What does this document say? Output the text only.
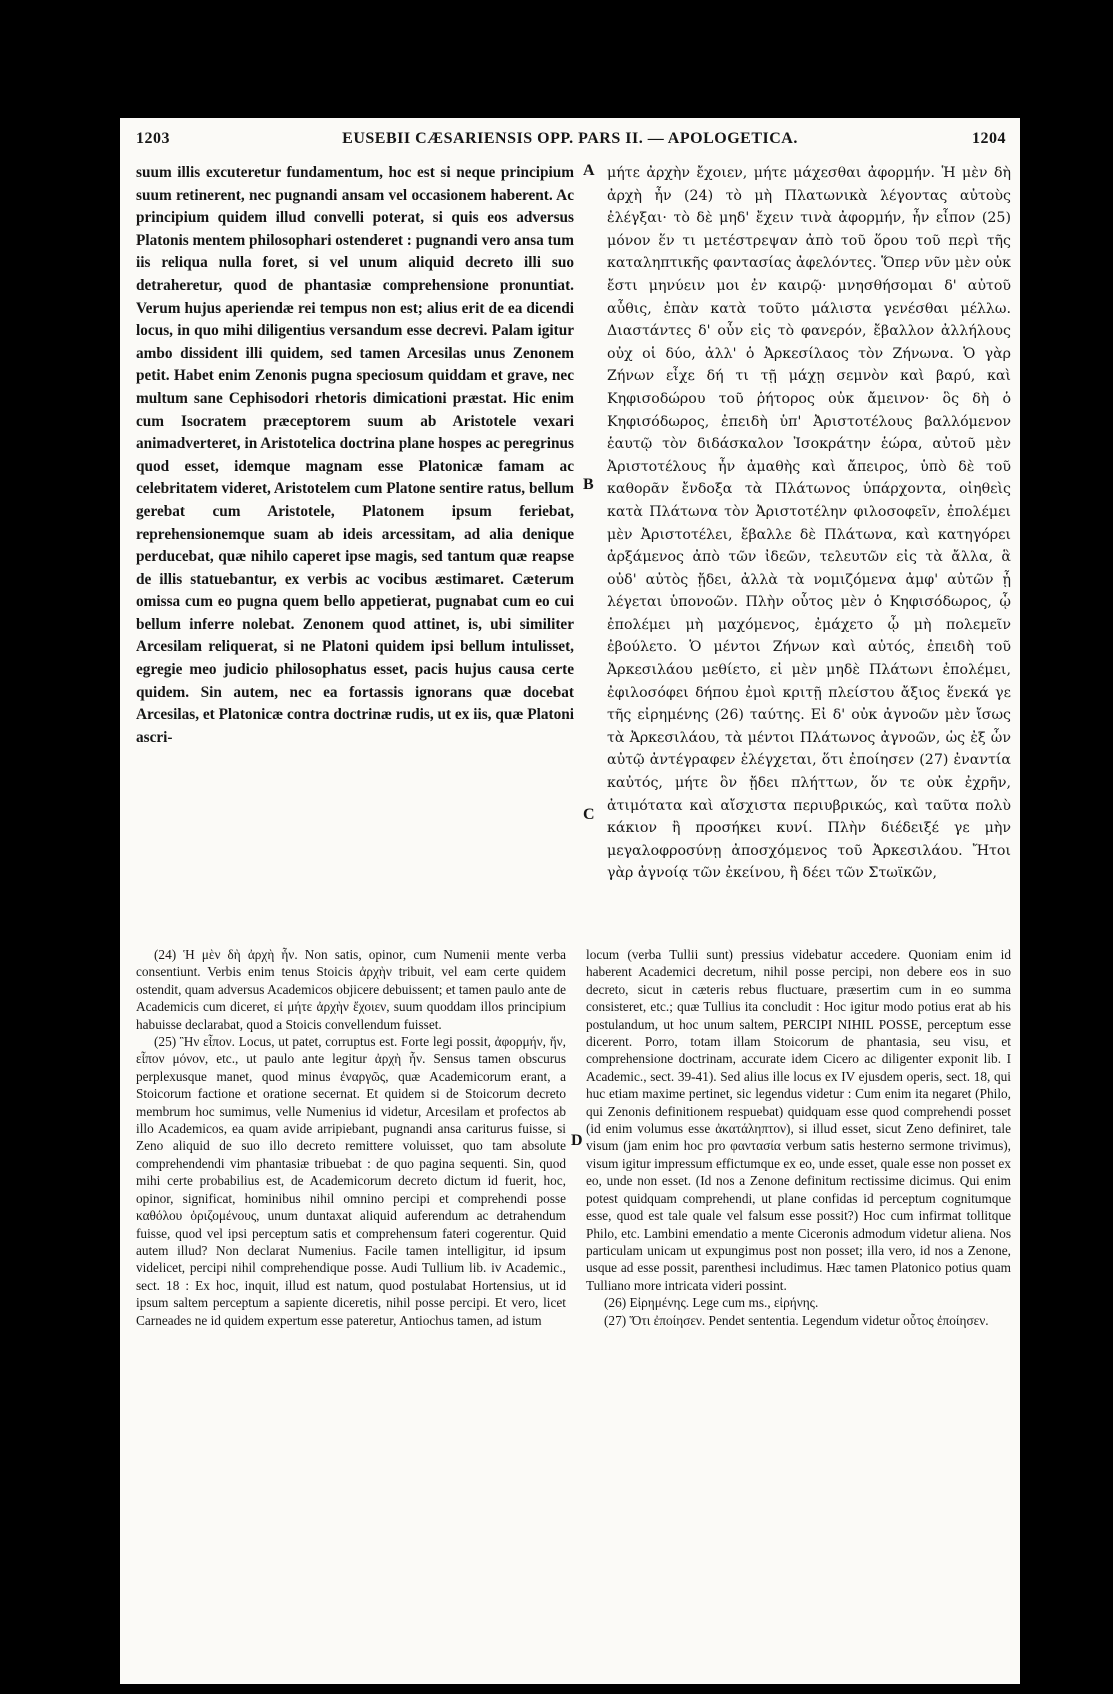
1203	EUSEBII CÆSARIENSIS OPP. PARS II. — APOLOGETICA.	1204
suum illis excuteretur fundamentum, hoc est si neque principium suum retinerent, nec pugnandi ansam vel occasionem haberent. Ac principium quidem illud convelli poterat, si quis eos adversus Platonis mentem philosophari ostenderet : pugnandi vero ansa tum iis reliqua nulla foret, si vel unum aliquid decreto illi suo detraheretur, quod de phantasiæ comprehensione pronuntiat. Verum hujus aperiendæ rei tempus non est; alius erit de ea dicendi locus, in quo mihi diligentius versandum esse decrevi. Palam igitur ambo dissident illi quidem, sed tamen Arcesilas unus Zenonem petit. Habet enim Zenonis pugna speciosum quiddam et grave, nec multum sane Cephisodori rhetoris dimicationi præstat. Hic enim cum Isocratem præceptorem suum ab Aristotele vexari animadverteret, in Aristotelica doctrina plane hospes ac peregrinus quod esset, idemque magnam esse Platonicæ famam ac celebritatem videret, Aristotelem cum Platone sentire ratus, bellum gerebat cum Aristotele, Platonem ipsum feriebat, reprehensionemque suam ab ideis arcessitam, ad alia denique perducebat, quæ nihilo caperet ipse magis, sed tantum quæ reapse de illis statuebantur, ex verbis ac vocibus æstimaret. Cæterum omissa cum eo pugna quem bello appetierat, pugnabat cum eo cui bellum inferre nolebat. Zenonem quod attinet, is, ubi similiter Arcesilam reliquerat, si ne Platoni quidem ipsi bellum intulisset, egregie meo judicio philosophatus esset, pacis hujus causa certe quidem. Sin autem, nec ea fortassis ignorans quæ docebat Arcesilas, et Platonicæ contra doctrinæ rudis, ut ex iis, quæ Platoni ascri-
A
B
C
D
μήτε ἀρχὴν ἔχοιεν, μήτε μάχεσθαι ἀφορμήν. Ἡ μὲν δὴ ἀρχὴ ἦν (24) τὸ μὴ Πλατωνικὰ λέγοντας αὐτοὺς ἐλέγξαι· τὸ δὲ μηδ' ἔχειν τινὰ ἀφορμήν, ἦν εἶπον (25) μόνον ἕν τι μετέστρεψαν ἀπὸ τοῦ ὅρου τοῦ περὶ τῆς καταληπτικῆς φαντασίας ἀφελόντες. Ὅπερ νῦν μὲν οὐκ ἔστι μηνύειν μοι ἐν καιρῷ· μνησθήσομαι δ' αὐτοῦ αὖθις, ἐπὰν κατὰ τοῦτο μάλιστα γενέσθαι μέλλω. Διαστάντες δ' οὖν εἰς τὸ φανερόν, ἔβαλλον ἀλλήλους οὐχ οἱ δύο, ἀλλ' ὁ Ἀρκεσίλαος τὸν Ζήνωνα. Ὁ γὰρ Ζήνων εἶχε δή τι τῇ μάχῃ σεμνὸν καὶ βαρύ, καὶ Κηφισοδώρου τοῦ ῥήτορος οὐκ ἄμεινον· ὃς δὴ ὁ Κηφισόδωρος, ἐπειδὴ ὑπ' Ἀριστοτέλους βαλλόμενον ἑαυτῷ τὸν διδάσκαλον Ἰσοκράτην ἑώρα, αὐτοῦ μὲν Ἀριστοτέλους ἦν ἀμαθὴς καὶ ἄπειρος, ὑπὸ δὲ τοῦ καθορᾶν ἔνδοξα τὰ Πλάτωνος ὑπάρχοντα, οἰηθεὶς κατὰ Πλάτωνα τὸν Ἀριστοτέλην φιλοσοφεῖν, ἐπολέμει μὲν Ἀριστοτέλει, ἔβαλλε δὲ Πλάτωνα, καὶ κατηγόρει ἀρξάμενος ἀπὸ τῶν ἰδεῶν, τελευτῶν εἰς τὰ ἄλλα, ἃ οὐδ' αὐτὸς ᾔδει, ἀλλὰ τὰ νομιζόμενα ἀμφ' αὐτῶν ᾗ λέγεται ὑπονοῶν. Πλὴν οὗτος μὲν ὁ Κηφισόδωρος, ᾧ ἐπολέμει μὴ μαχόμενος, ἐμάχετο ᾧ μὴ πολεμεῖν ἐβούλετο. Ὁ μέντοι Ζήνων καὶ αὐτός, ἐπειδὴ τοῦ Ἀρκεσιλάου μεθίετο, εἰ μὲν μηδὲ Πλάτωνι ἐπολέμει, ἐφιλοσόφει δήπου ἐμοὶ κριτῇ πλείστου ἄξιος ἕνεκά γε τῆς εἰρημένης (26) ταύτης. Εἰ δ' οὐκ ἀγνοῶν μὲν ἴσως τὰ Ἀρκεσιλάου, τὰ μέντοι Πλάτωνος ἀγνοῶν, ὡς ἐξ ὧν αὐτῷ ἀντέγραφεν ἐλέγχεται, ὅτι ἐποίησεν (27) ἐναντία καὐτός, μήτε ὃν ᾔδει πλήττων, ὅν τε οὐκ ἐχρῆν, ἀτιμότατα καὶ αἴσχιστα περιυβρικώς, καὶ ταῦτα πολὺ κάκιον ἢ προσήκει κυνί. Πλὴν διέδειξέ γε μὴν μεγαλοφροσύνῃ ἀποσχόμενος τοῦ Ἀρκεσιλάου. Ἤτοι γὰρ ἀγνοίᾳ τῶν ἐκείνου, ἢ δέει τῶν Στωϊκῶν,

(24) Ἡ μὲν δὴ ἀρχὴ ἦν. Non satis, opinor, cum Numenii mente verba consentiunt. Verbis enim tenus Stoicis ἀρχὴν tribuit, vel eam certe quidem ostendit, quam adversus Academicos objicere debuissent; et tamen paulo ante de Academicis cum diceret, εἰ μήτε ἀρχὴν ἔχοιεν, suum quoddam illos principium habuisse declarabat, quod a Stoicis convellendum fuisset.

(25) Ἣν εἶπον. Locus, ut patet, corruptus est. Forte legi possit, ἀφορμήν, ἥν, εἶπον μόνον, etc., ut paulo ante legitur ἀρχὴ ἦν. Sensus tamen obscurus perplexusque manet, quod minus ἐναργῶς, quæ Academicorum erant, a Stoicorum factione et oratione secernat. Et quidem si de Stoicorum decreto membrum hoc sumimus, velle Numenius id videtur, Arcesilam et profectos ab illo Academicos, ea quam avide arripiebant, pugnandi ansa cariturus fuisse, si Zeno aliquid de suo illo decreto remittere voluisset, quo tam absolute comprehendendi vim phantasiæ tribuebat : de quo pagina sequenti. Sin, quod mihi certe probabilius est, de Academicorum decreto dictum id fuerit, hoc, opinor, significat, hominibus nihil omnino percipi et comprehendi posse καθόλου ὁριζομένους, unum duntaxat aliquid auferendum ac detrahendum fuisse, quod vel ipsi perceptum satis et comprehensum fateri cogerentur. Quid autem illud? Non declarat Numenius. Facile tamen intelligitur, id ipsum videlicet, percipi nihil comprehendique posse. Audi Tullium lib. iv Academic., sect. 18 : Ex hoc, inquit, illud est natum, quod postulabat Hortensius, ut id ipsum saltem perceptum a sapiente diceretis, nihil posse percipi. Et vero, licet Carneades ne id quidem expertum esse pateretur, Antiochus tamen, ad istum

locum (verba Tullii sunt) pressius videbatur accedere. Quoniam enim id haberent Academici decretum, nihil posse percipi, non debere eos in suo decreto, sicut in cæteris rebus fluctuare, præsertim cum in eo summa consisteret, etc.; quæ Tullius ita concludit : Hoc igitur modo potius erat ab his postulandum, ut hoc unum saltem, PERCIPI NIHIL POSSE, perceptum esse dicerent. Porro, totam illam Stoicorum de phantasia, seu visu, et comprehensione doctrinam, accurate idem Cicero ac diligenter exponit lib. I Academic., sect. 39-41). Sed alius ille locus ex IV ejusdem operis, sect. 18, qui huc etiam maxime pertinet, sic legendus videtur : Cum enim ita negaret (Philo, qui Zenonis definitionem respuebat) quidquam esse quod comprehendi posset (id enim volumus esse ἀκατάληπτον), si illud esset, sicut Zeno definiret, tale visum (jam enim hoc pro φαντασία verbum satis hesterno sermone trivimus), visum igitur impressum effictumque ex eo, unde esset, quale esse non posset ex eo, unde non esset. (Id nos a Zenone definitum rectissime dicimus. Qui enim potest quidquam comprehendi, ut plane confidas id perceptum cognitumque esse, quod est tale quale vel falsum esse possit?) Hoc cum infirmat tollitque Philo, etc. Lambini emendatio a mente Ciceronis admodum videtur aliena. Nos particulam unicam ut expungimus post non posset; illa vero, id nos a Zenone, usque ad esse possit, parenthesi includimus. Hæc tamen Platonico potius quam Tulliano more intricata videri possint.

(26) Εἰρημένης. Lege cum ms., εἰρήνης.

(27) Ὅτι ἐποίησεν. Pendet sententia. Legendum videtur οὗτος ἐποίησεν.
